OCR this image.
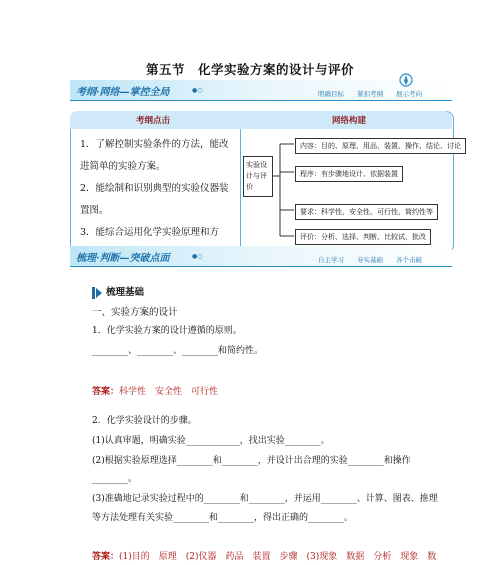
第五节　化学实验方案的设计与评价
考纲·网络—掌控全局	●○	明确目标　　紧扣考纲　　展示考向
考纲点击	网络构建
1．了解控制实验条件的方法，能改进简单的实验方案。
2．能绘制和识别典型的实验仪器装置图。
3．能综合运用化学实验原理和方
实验设计与评价
内容：目的、原理、用品、装置、操作、结论、讨论
程序：有步骤地设计、依据装置
要求：科学性、安全性、可行性、简约性等
评价：分析、选择、判断、比较试、批改
梳理·判断—突破点面	●○	自主学习　　夯实基础　　各个击破
梳理基础
一、实验方案的设计
1．化学实验方案的设计遵循的原则。
________、________、________和简约性。
答案：科学性　安全性　可行性
2．化学实验设计的步骤。
(1)认真审题，明确实验____________，找出实验________。
(2)根据实验原理选择________和________，并设计出合理的实验________和操作
________。
(3)准确地记录实验过程中的________和________，并运用________、计算、图表、推理
等方法处理有关实验________和________，得出正确的________。
答案：(1)目的　原理　(2)仪器　药品　装置　步骤　(3)现象　数据　分析　现象　数
